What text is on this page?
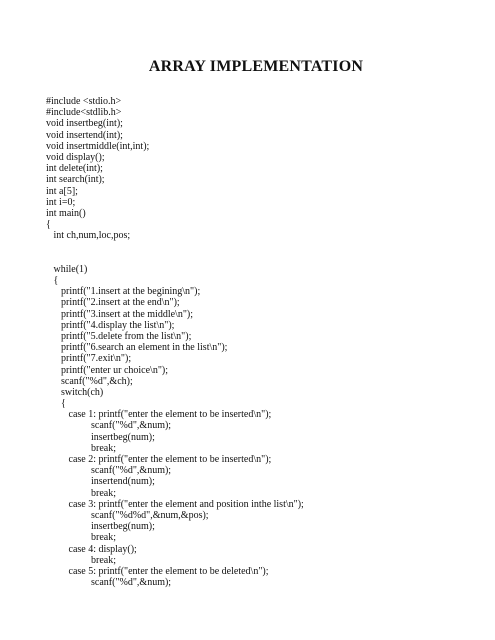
ARRAY IMPLEMENTATION
#include <stdio.h>
#include<stdlib.h>
void insertbeg(int);
void insertend(int);
void insertmiddle(int,int);
void display();
int delete(int);
int search(int);
int a[5];
int i=0;
int main()
{
int ch,num,loc,pos;
while(1)
{
printf("1.insert at the begining\n");
printf("2.insert at the end\n");
printf("3.insert at the middle\n");
printf("4.display the list\n");
printf("5.delete from the list\n");
printf("6.search an element in the list\n");
printf("7.exit\n");
printf("enter ur choice\n");
scanf("%d",&ch);
switch(ch)
{
case 1: printf("enter the element to be inserted\n");
scanf("%d",&num);
insertbeg(num);
break;
case 2: printf("enter the element to be inserted\n");
scanf("%d",&num);
insertend(num);
break;
case 3: printf("enter the element and position inthe list\n");
scanf("%d%d",&num,&pos);
insertbeg(num);
break;
case 4: display();
break;
case 5: printf("enter the element to be deleted\n");
scanf("%d",&num);
